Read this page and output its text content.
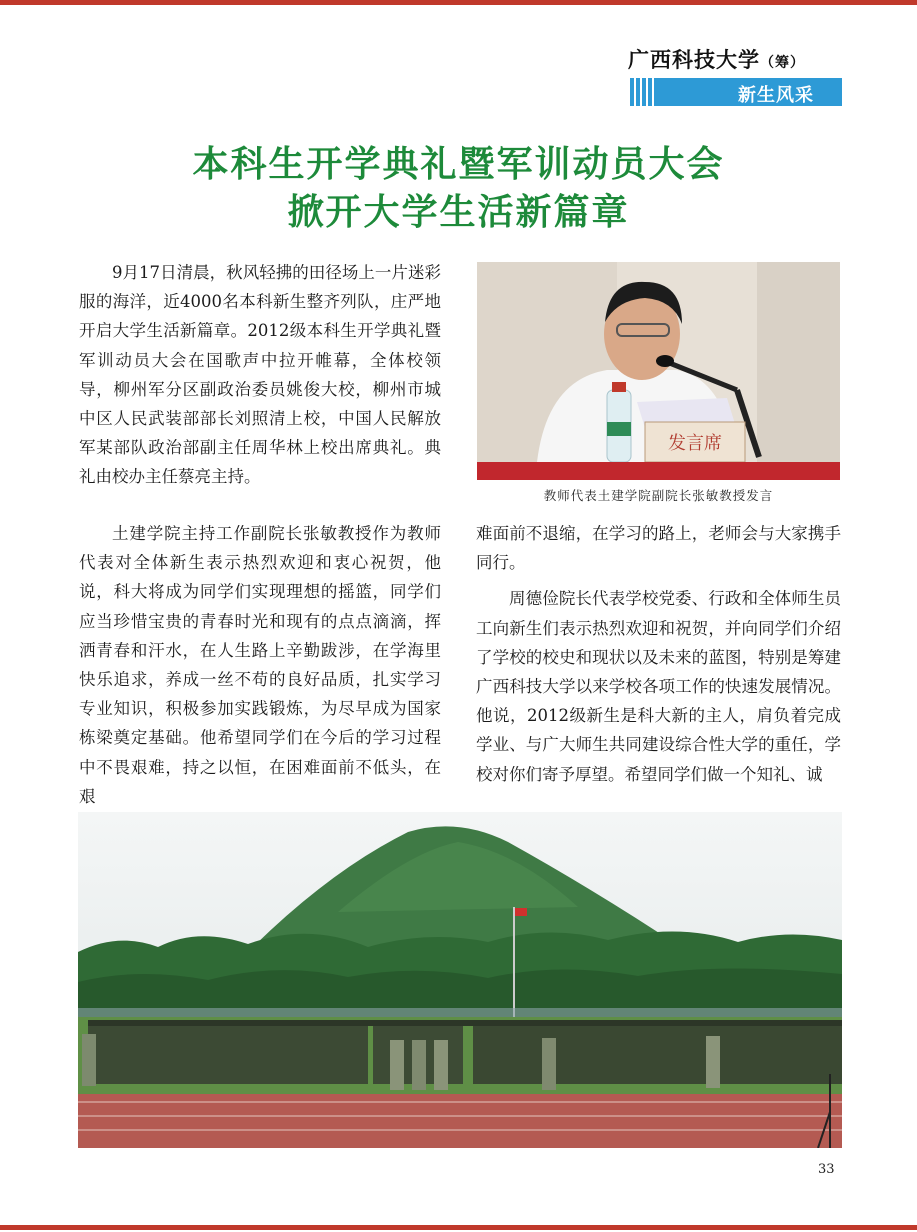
广西科技大学（筹）
新生风采
本科生开学典礼暨军训动员大会
掀开大学生活新篇章

9月17日清晨，秋风轻拂的田径场上一片迷彩服的海洋，近4000名本科新生整齐列队，庄严地开启大学生活新篇章。2012级本科生开学典礼暨军训动员大会在国歌声中拉开帷幕，全体校领导，柳州军分区副政治委员姚俊大校，柳州市城中区人民武装部部长刘照清上校，中国人民解放军某部队政治部副主任周华林上校出席典礼。典礼由校办主任蔡亮主持。

发言席
教师代表土建学院副院长张敏教授发言

土建学院主持工作副院长张敏教授作为教师代表对全体新生表示热烈欢迎和衷心祝贺，他说，科大将成为同学们实现理想的摇篮，同学们应当珍惜宝贵的青春时光和现有的点点滴滴，挥洒青春和汗水，在人生路上辛勤跋涉，在学海里快乐追求，养成一丝不苟的良好品质，扎实学习专业知识，积极参加实践锻炼，为尽早成为国家栋梁奠定基础。他希望同学们在今后的学习过程中不畏艰难，持之以恒，在困难面前不低头，在艰

难面前不退缩，在学习的路上，老师会与大家携手同行。

周德俭院长代表学校党委、行政和全体师生员工向新生们表示热烈欢迎和祝贺，并向同学们介绍了学校的校史和现状以及未来的蓝图，特别是筹建广西科技大学以来学校各项工作的快速发展情况。他说，2012级新生是科大新的主人，肩负着完成学业、与广大师生共同建设综合性大学的重任，学校对你们寄予厚望。希望同学们做一个知礼、诚

33
